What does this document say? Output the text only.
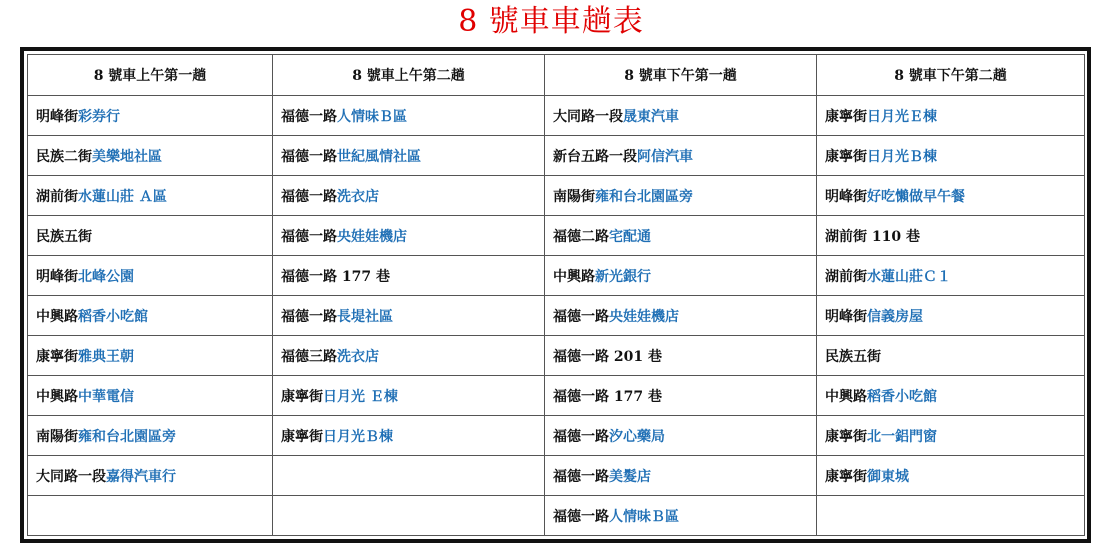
8 號車車趟表
8 號車上午第一趟	8 號車上午第二趟	8 號車下午第一趟	8 號車下午第二趟
明峰街彩券行	福德一路人情味Ｂ區	大同路一段晟東汽車	康寧街日月光Ｅ棟
民族二街美樂地社區	福德一路世紀風情社區	新台五路一段阿信汽車	康寧街日月光Ｂ棟
湖前街水蓮山莊 Ａ區	福德一路洗衣店	南陽街雍和台北園區旁	明峰街好吃懶做早午餐
民族五街	福德一路央娃娃機店	福德二路宅配通	湖前街 110 巷
明峰街北峰公園	福德一路 177 巷	中興路新光銀行	湖前街水蓮山莊Ｃ１
中興路稻香小吃館	福德一路長堤社區	福德一路央娃娃機店	明峰街信義房屋
康寧街雅典王朝	福德三路洗衣店	福德一路 201 巷	民族五街
中興路中華電信	康寧街日月光 Ｅ棟	福德一路 177 巷	中興路稻香小吃館
南陽街雍和台北園區旁	康寧街日月光Ｂ棟	福德一路汐心藥局	康寧街北一鋁門窗
大同路一段嘉得汽車行		福德一路美髮店	康寧街御東城
		福德一路人情味Ｂ區	
